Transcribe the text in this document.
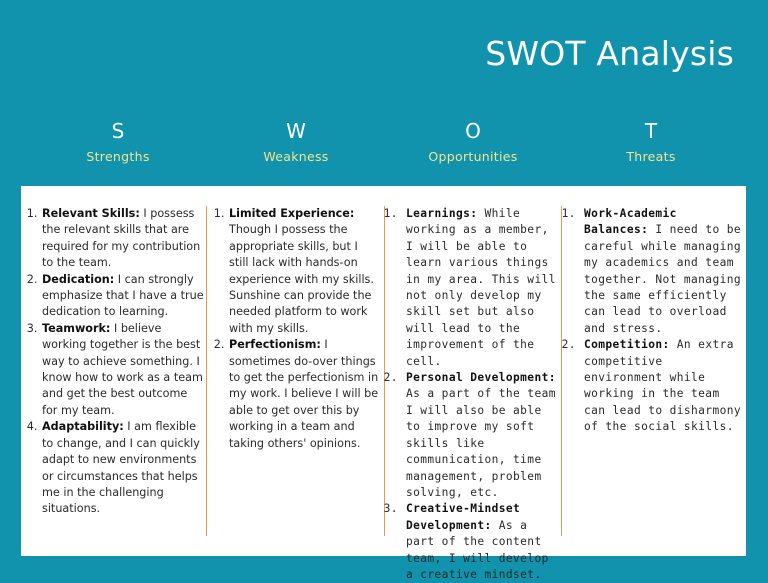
SWOT Analysis
S
Strengths
W
Weakness
O
Opportunities
T
Threats
1. Relevant Skills: I possess the relevant skills that are required for my contribution to the team.
2. Dedication: I can strongly emphasize that I have a true dedication to learning.
3. Teamwork: I believe working together is the best way to achieve something. I know how to work as a team and get the best outcome for my team.
4. Adaptability: I am flexible to change, and I can quickly adapt to new environments or circumstances that helps me in the challenging situations.
1. Limited Experience: Though I possess the appropriate skills, but I still lack with hands-on experience with my skills. Sunshine can provide the needed platform to work with my skills.
2. Perfectionism: I sometimes do-over things to get the perfectionism in my work. I believe I will be able to get over this by working in a team and taking others' opinions.
1. Learnings: While working as a member, I will be able to learn various things in my area. This will not only develop my skill set but also will lead to the improvement of the cell.
2. Personal Development: As a part of the team I will also be able to improve my soft skills like communication, time management, problem solving, etc.
3. Creative-Mindset Development: As a part of the content team, I will develop a creative mindset.
1. Work-Academic Balances: I need to be careful while managing my academics and team together. Not managing the same efficiently can lead to overload and stress.
2. Competition: An extra competitive environment while working in the team can lead to disharmony of the social skills.
